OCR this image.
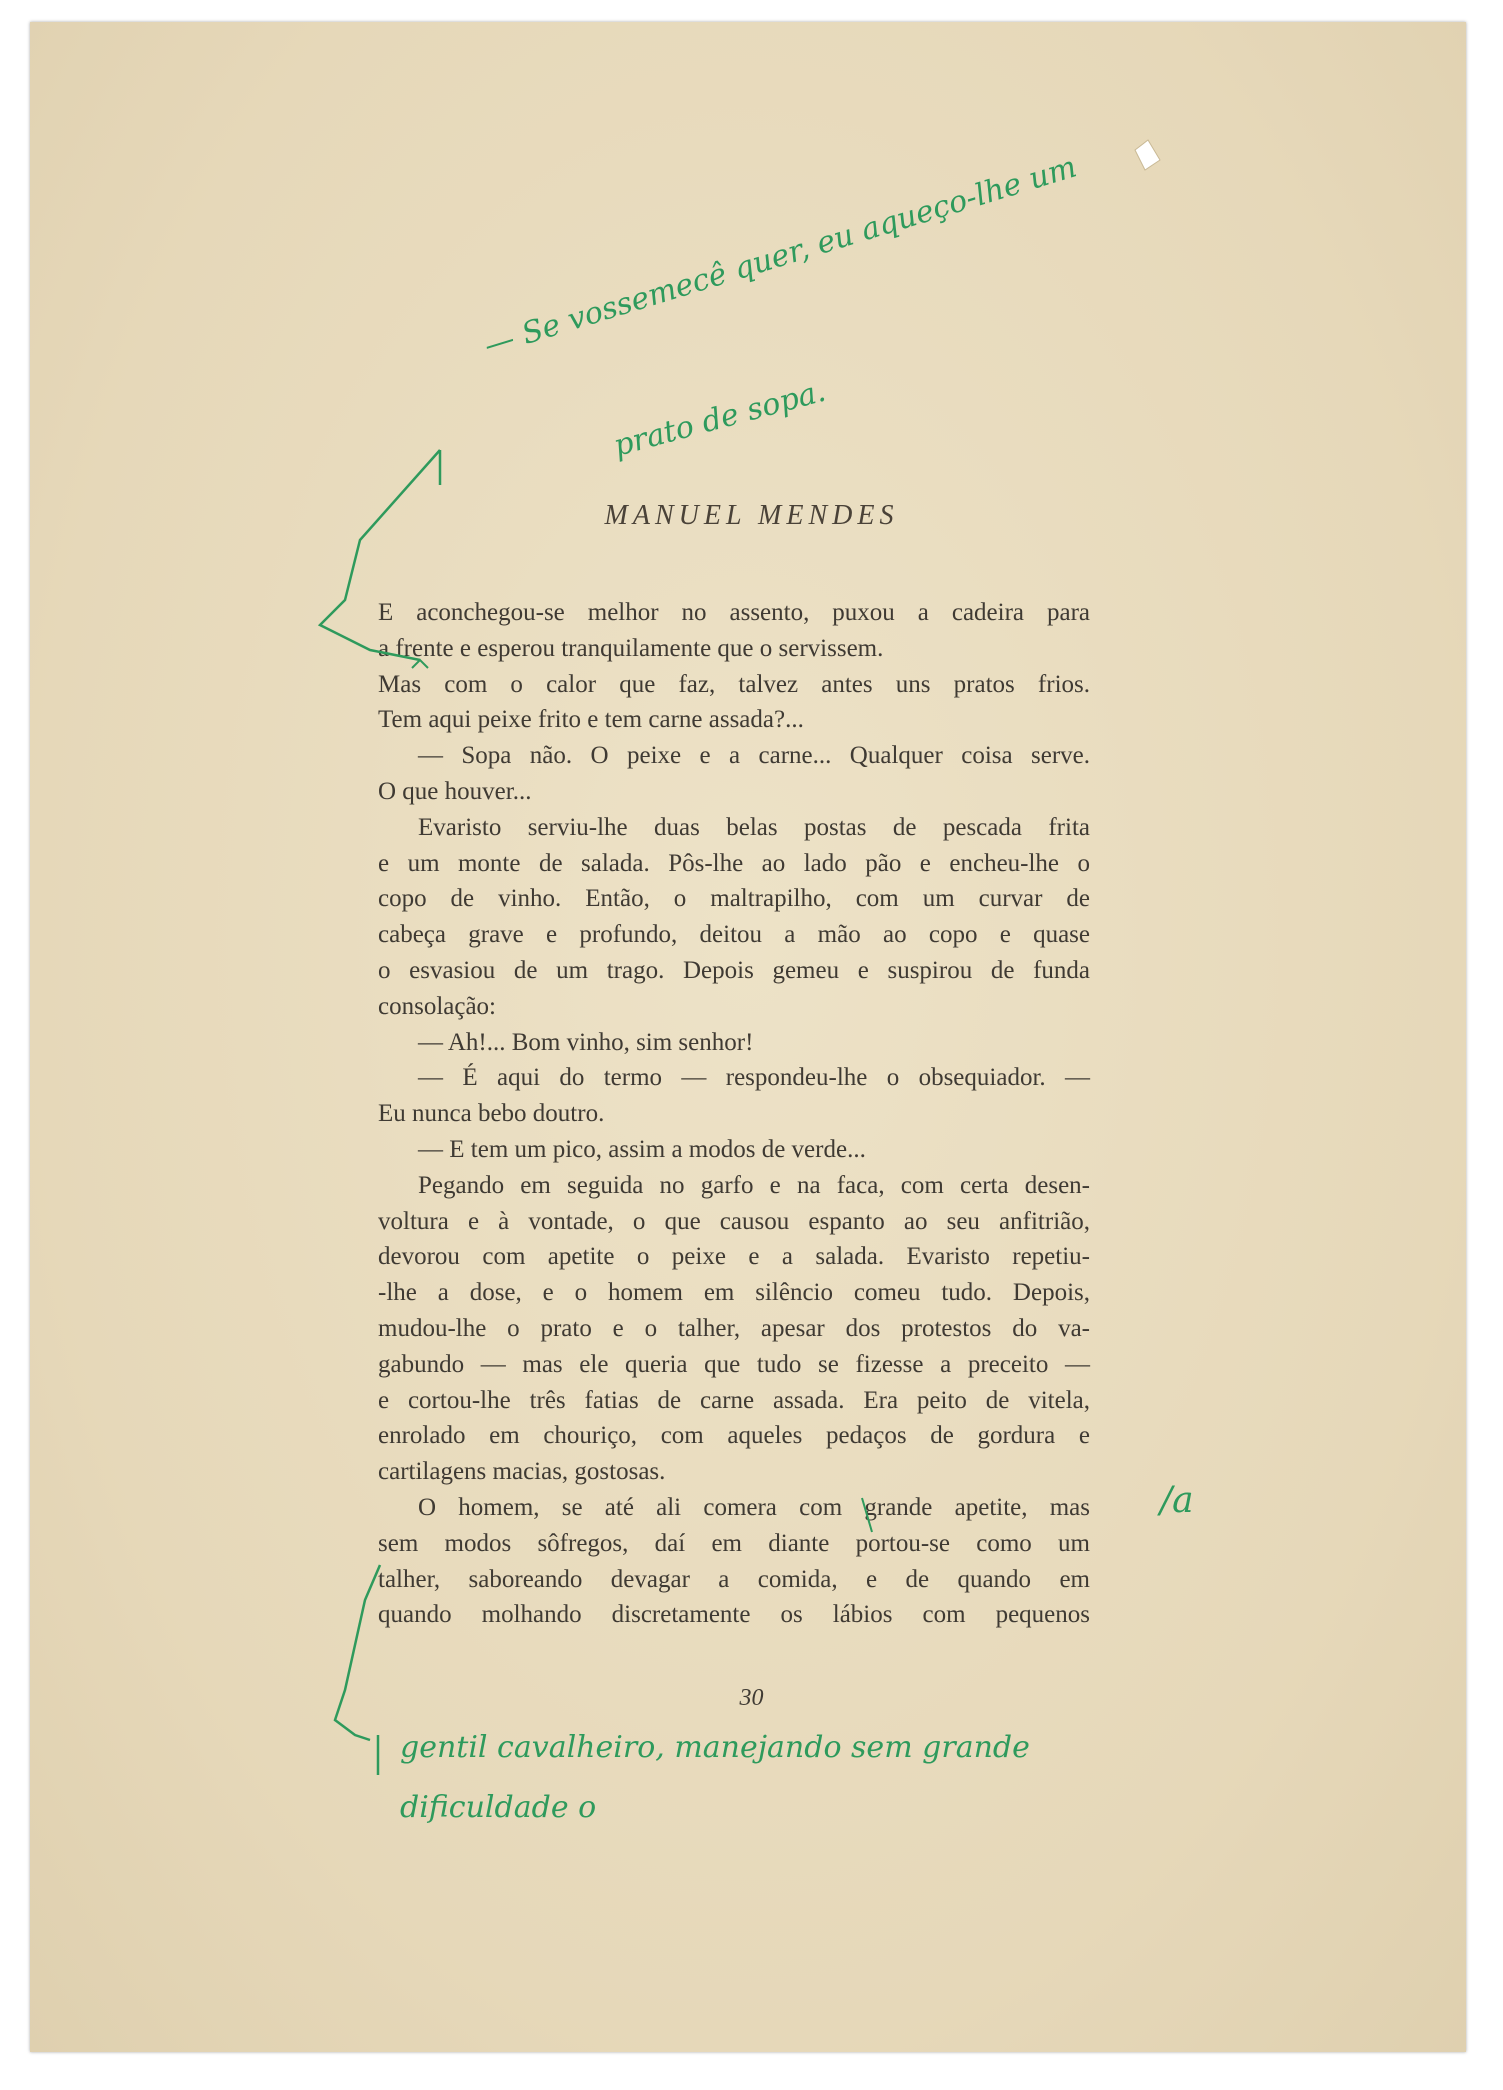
— Se vossemecê quer, eu aqueço-lhe um
prato de sopa.
MANUEL MENDES
E aconchegou-se melhor no assento, puxou a cadeira para
a frente e esperou tranquilamente que o servissem.
Mas com o calor que faz, talvez antes uns pratos frios.
Tem aqui peixe frito e tem carne assada?...
— Sopa não. O peixe e a carne... Qualquer coisa serve.
O que houver...
Evaristo serviu-lhe duas belas postas de pescada frita
e um monte de salada. Pôs-lhe ao lado pão e encheu-lhe o
copo de vinho. Então, o maltrapilho, com um curvar de
cabeça grave e profundo, deitou a mão ao copo e quase
o esvasiou de um trago. Depois gemeu e suspirou de funda
consolação:
— Ah!... Bom vinho, sim senhor!
— É aqui do termo — respondeu-lhe o obsequiador. —
Eu nunca bebo doutro.
— E tem um pico, assim a modos de verde...
Pegando em seguida no garfo e na faca, com certa desen-
voltura e à vontade, o que causou espanto ao seu anfitrião,
devorou com apetite o peixe e a salada. Evaristo repetiu-
-lhe a dose, e o homem em silêncio comeu tudo. Depois,
mudou-lhe o prato e o talher, apesar dos protestos do va-
gabundo — mas ele queria que tudo se fizesse a preceito —
e cortou-lhe três fatias de carne assada. Era peito de vitela,
enrolado em chouriço, com aqueles pedaços de gordura e
cartilagens macias, gostosas.
O homem, se até ali comera com grande apetite, mas
sem modos sôfregos, daí em diante portou-se como um
talher, saboreando devagar a comida, e de quando em
quando molhando discretamente os lábios com pequenos
30
/a
gentil cavalheiro, manejando sem grande
dificuldade o
